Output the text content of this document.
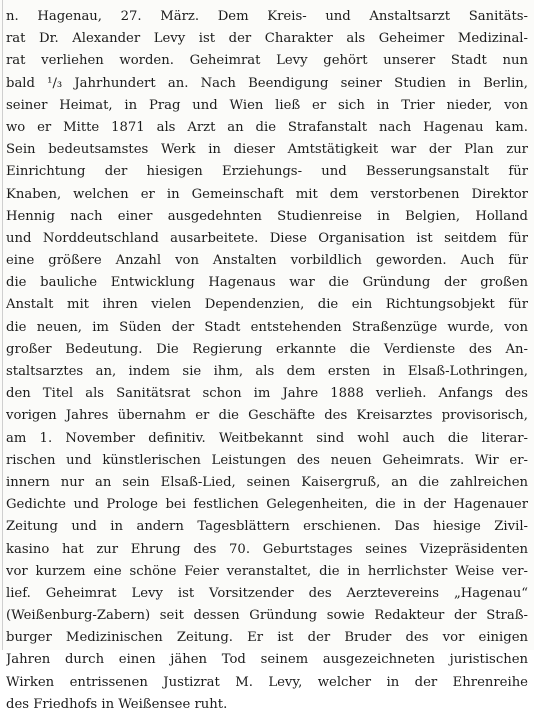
n. Hagenau, 27. März. Dem Kreis- und Anstaltsarzt Sanitäts-
rat Dr. Alexander Levy ist der Charakter als Geheimer Medizinal-
rat verliehen worden. Geheimrat Levy gehört unserer Stadt nun
bald ¹/₃ Jahrhundert an. Nach Beendigung seiner Studien in Berlin,
seiner Heimat, in Prag und Wien ließ er sich in Trier nieder, von
wo er Mitte 1871 als Arzt an die Strafanstalt nach Hagenau kam.
Sein bedeutsamstes Werk in dieser Amtstätigkeit war der Plan zur
Einrichtung der hiesigen Erziehungs- und Besserungsanstalt für
Knaben, welchen er in Gemeinschaft mit dem verstorbenen Direktor
Hennig nach einer ausgedehnten Studienreise in Belgien, Holland
und Norddeutschland ausarbeitete. Diese Organisation ist seitdem für
eine größere Anzahl von Anstalten vorbildlich geworden. Auch für
die bauliche Entwicklung Hagenaus war die Gründung der großen
Anstalt mit ihren vielen Dependenzien, die ein Richtungsobjekt für
die neuen, im Süden der Stadt entstehenden Straßenzüge wurde, von
großer Bedeutung. Die Regierung erkannte die Verdienste des An-
staltsarztes an, indem sie ihm, als dem ersten in Elsaß-Lothringen,
den Titel als Sanitätsrat schon im Jahre 1888 verlieh. Anfangs des
vorigen Jahres übernahm er die Geschäfte des Kreisarztes provisorisch,
am 1. November definitiv. Weitbekannt sind wohl auch die literar-
rischen und künstlerischen Leistungen des neuen Geheimrats. Wir er-
innern nur an sein Elsaß-Lied, seinen Kaisergruß, an die zahlreichen
Gedichte und Prologe bei festlichen Gelegenheiten, die in der Hagenauer
Zeitung und in andern Tagesblättern erschienen. Das hiesige Zivil-
kasino hat zur Ehrung des 70. Geburtstages seines Vizepräsidenten
vor kurzem eine schöne Feier veranstaltet, die in herrlichster Weise ver-
lief. Geheimrat Levy ist Vorsitzender des Aerztevereins „Hagenau“
(Weißenburg-Zabern) seit dessen Gründung sowie Redakteur der Straß-
burger Medizinischen Zeitung. Er ist der Bruder des vor einigen
Jahren durch einen jähen Tod seinem ausgezeichneten juristischen
Wirken entrissenen Justizrat M. Levy, welcher in der Ehrenreihe
des Friedhofs in Weißensee ruht.
